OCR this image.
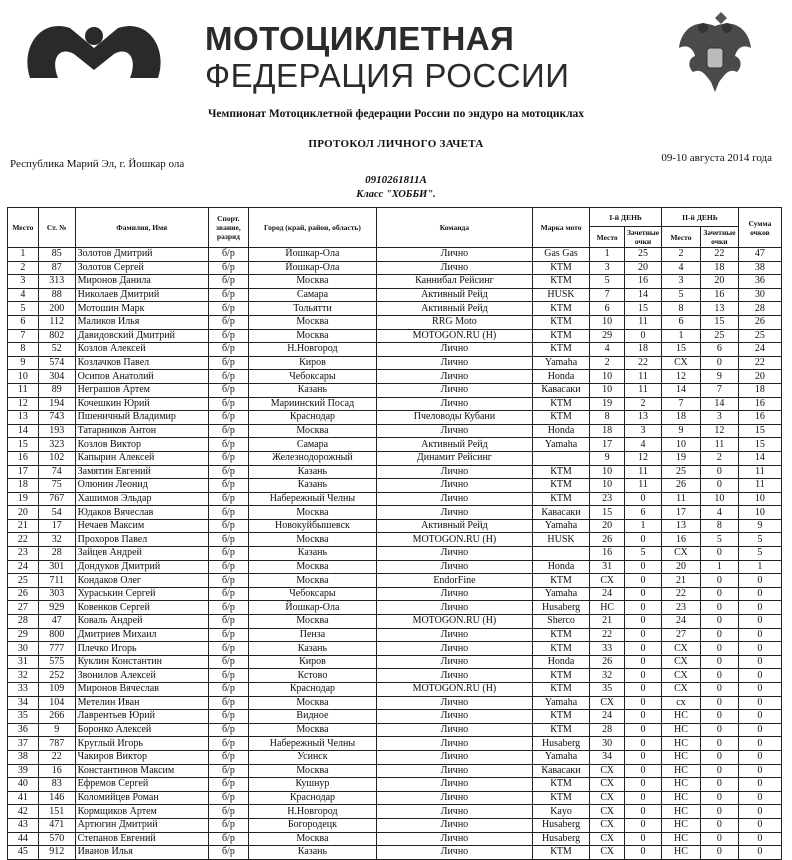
МОТОЦИКЛЕТНАЯ
ФЕДЕРАЦИЯ РОССИИ
Чемпионат Мотоциклетной федерации России по эндуро на мотоциклах
ПРОТОКОЛ ЛИЧНОГО ЗАЧЕТА
Республика Марий Эл, г. Йошкар ола	09-10 августа 2014 года
0910261811А
Класс "ХОББИ".
Место	Ст. №	Фамилия, Имя	Спорт. звание, разряд	Город (край, район, область)	Команда	Марка мото	I-й ДЕНЬ		II-й ДЕНЬ		Сумма очков
							Место	Зачетные очки	Место	Зачетные очки	
1	85	Золотов Дмитрий	б/р	Йошкар-Ола	Лично	Gas Gas	1	25	2	22	47
2	87	Золотов Сергей	б/р	Йошкар-Ола	Лично	КТМ	3	20	4	18	38
3	313	Миронов Данила	б/р	Москва	Каннибал Рейсинг	КТМ	5	16	3	20	36
4	88	Николаев Дмитрий	б/р	Самара	Активный Рейд	HUSK	7	14	5	16	30
5	200	Мотошин Марк	б/р	Тольятти	Активный Рейд	КТМ	6	15	8	13	28
6	112	Маликов Илья	б/р	Москва	RRG Moto	КТМ	10	11	6	15	26
7	802	Давидовский Дмитрий	б/р	Москва	MOTOGON.RU (H)	КТМ	29	0	1	25	25
8	52	Козлов Алексей	б/р	Н.Новгород	Лично	КТМ	4	18	15	6	24
9	574	Козлачков Павел	б/р	Киров	Лично	Yamaha	2	22	СХ	0	22
10	304	Осипов Анатолий	б/р	Чебоксары	Лично	Honda	10	11	12	9	20
11	89	Неграшов Артем	б/р	Казань	Лично	Кавасаки	10	11	14	7	18
12	194	Кочешкин Юрий	б/р	Мариинский Посад	Лично	КТМ	19	2	7	14	16
13	743	Пшеничный Владимир	б/р	Краснодар	Пчеловоды Кубани	КТМ	8	13	18	3	16
14	193	Татарников Антон	б/р	Москва	Лично	Honda	18	3	9	12	15
15	323	Козлов Виктор	б/р	Самара	Активный Рейд	Yamaha	17	4	10	11	15
16	102	Капырин Алексей	б/р	Железнодорожный	Динамит Рейсинг		9	12	19	2	14
17	74	Замятин Евгений	б/р	Казань	Лично	КТМ	10	11	25	0	11
18	75	Олюнин Леонид	б/р	Казань	Лично	КТМ	10	11	26	0	11
19	767	Хашимов Эльдар	б/р	Набережный Челны	Лично	КТМ	23	0	11	10	10
20	54	Юдаков Вячеслав	б/р	Москва	Лично	Кавасаки	15	6	17	4	10
21	17	Нечаев Максим	б/р	Новокуйбышевск	Активный Рейд	Yamaha	20	1	13	8	9
22	32	Прохоров Павел	б/р	Москва	MOTOGON.RU (H)	HUSK	26	0	16	5	5
23	28	Зайцев Андрей	б/р	Казань	Лично		16	5	СХ	0	5
24	301	Дондуков Дмитрий	б/р	Москва	Лично	Honda	31	0	20	1	1
25	711	Кондаков Олег	б/р	Москва	EndorFine	КТМ	СХ	0	21	0	0
26	303	Хураськин Сергей	б/р	Чебоксары	Лично	Yamaha	24	0	22	0	0
27	929	Ковенков Сергей	б/р	Йошкар-Ола	Лично	Husaberg	НС	0	23	0	0
28	47	Коваль Андрей	б/р	Москва	MOTOGON.RU (H)	Sherco	21	0	24	0	0
29	800	Дмитриев Михаил	б/р	Пенза	Лично	КТМ	22	0	27	0	0
30	777	Плечко Игорь	б/р	Казань	Лично	КТМ	33	0	СХ	0	0
31	575	Куклин Константин	б/р	Киров	Лично	Honda	26	0	СХ	0	0
32	252	Звонилов Алексей	б/р	Кстово	Лично	КТМ	32	0	СХ	0	0
33	109	Миронов Вячеслав	б/р	Краснодар	MOTOGON.RU (H)	КТМ	35	0	СХ	0	0
34	104	Метелин Иван	б/р	Москва	Лично	Yamaha	СХ	0	сх	0	0
35	266	Лаврентьев Юрий	б/р	Видное	Лично	КТМ	24	0	НС	0	0
36	9	Боронко Алексей	б/р	Москва	Лично	КТМ	28	0	НС	0	0
37	787	Круглый Игорь	б/р	Набережный Челны	Лично	Husaberg	30	0	НС	0	0
38	22	Чакиров Виктор	б/р	Усинск	Лично	Yamaha	34	0	НС	0	0
39	16	Константинов Максим	б/р	Москва	Лично	Кавасаки	СХ	0	НС	0	0
40	83	Ефремов Сергей	б/р	Кушнур	Лично	КТМ	СХ	0	НС	0	0
41	146	Коломийцев Роман	б/р	Краснодар	Лично	КТМ	СХ	0	НС	0	0
42	151	Кормщиков Артем	б/р	Н.Новгород	Лично	Kayo	СХ	0	НС	0	0
43	471	Артюгин Дмитрий	б/р	Богородецк	Лично	Husaberg	СХ	0	НС	0	0
44	570	Степанов Евгений	б/р	Москва	Лично	Husaberg	СХ	0	НС	0	0
45	912	Иванов Илья	б/р	Казань	Лично	КТМ	СХ	0	НС	0	0
